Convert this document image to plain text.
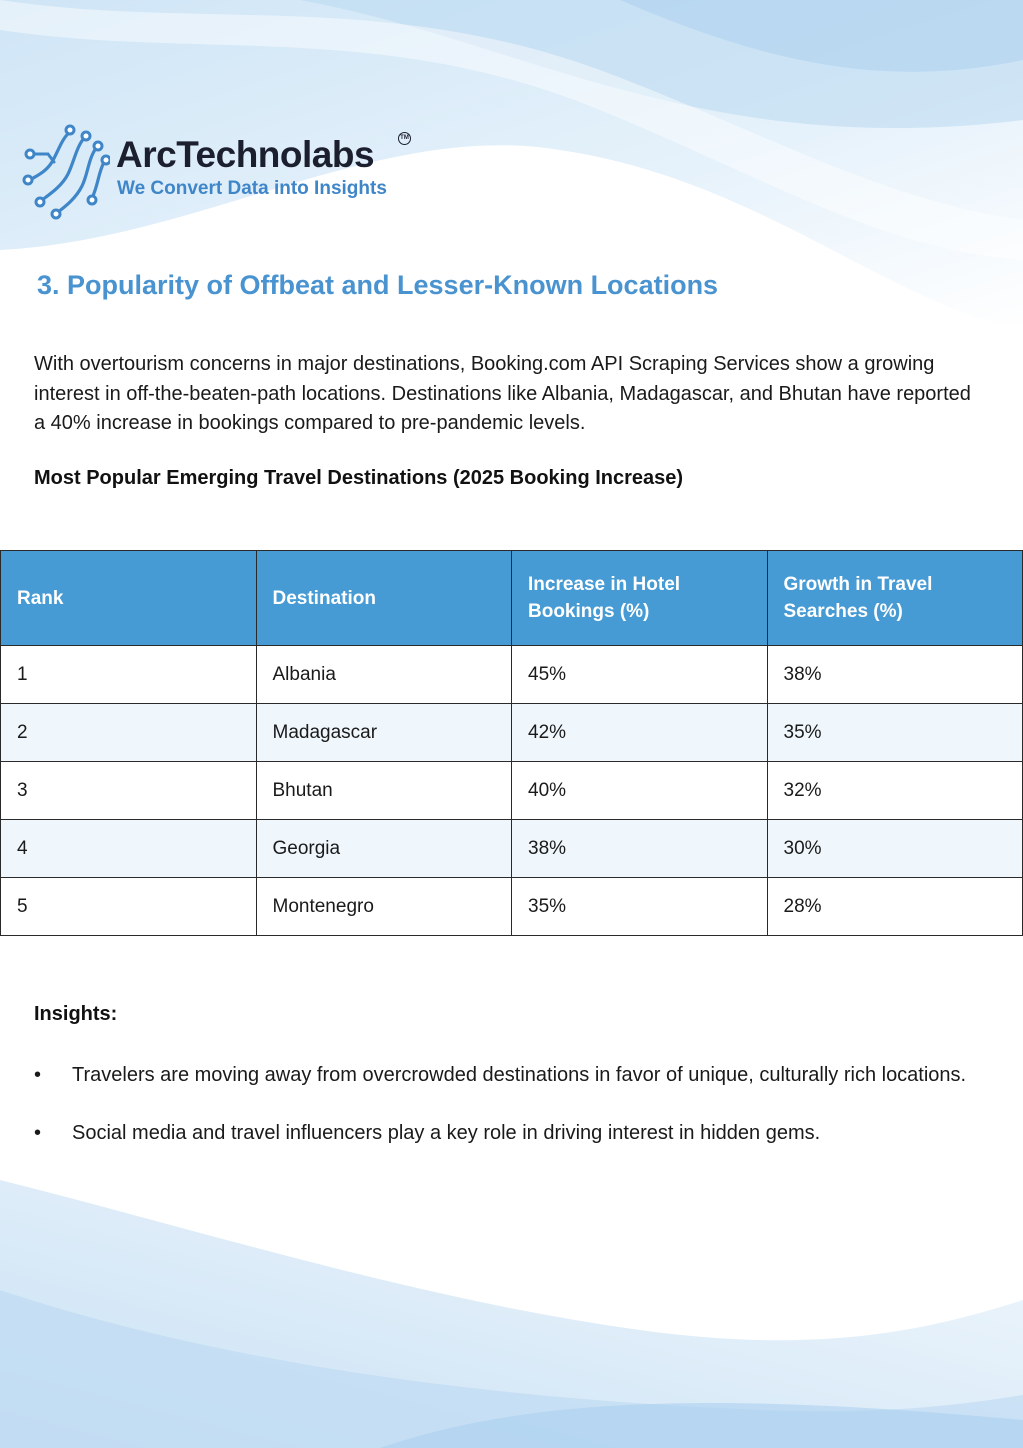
ArcTechnolabs	TM
We Convert Data into Insights
3. Popularity of Offbeat and Lesser-Known Locations
With overtourism concerns in major destinations, Booking.com API Scraping Services show a growing interest in off-the-beaten-path locations. Destinations like Albania, Madagascar, and Bhutan have reported a 40% increase in bookings compared to pre-pandemic levels.
Most Popular Emerging Travel Destinations (2025 Booking Increase)
Rank	Destination	Increase in Hotel Bookings (%)	Growth in Travel Searches (%)
1	Albania	45%	38%
2	Madagascar	42%	35%
3	Bhutan	40%	32%
4	Georgia	38%	30%
5	Montenegro	35%	28%
Insights:
• Travelers are moving away from overcrowded destinations in favor of unique, culturally rich locations.
• Social media and travel influencers play a key role in driving interest in hidden gems.
